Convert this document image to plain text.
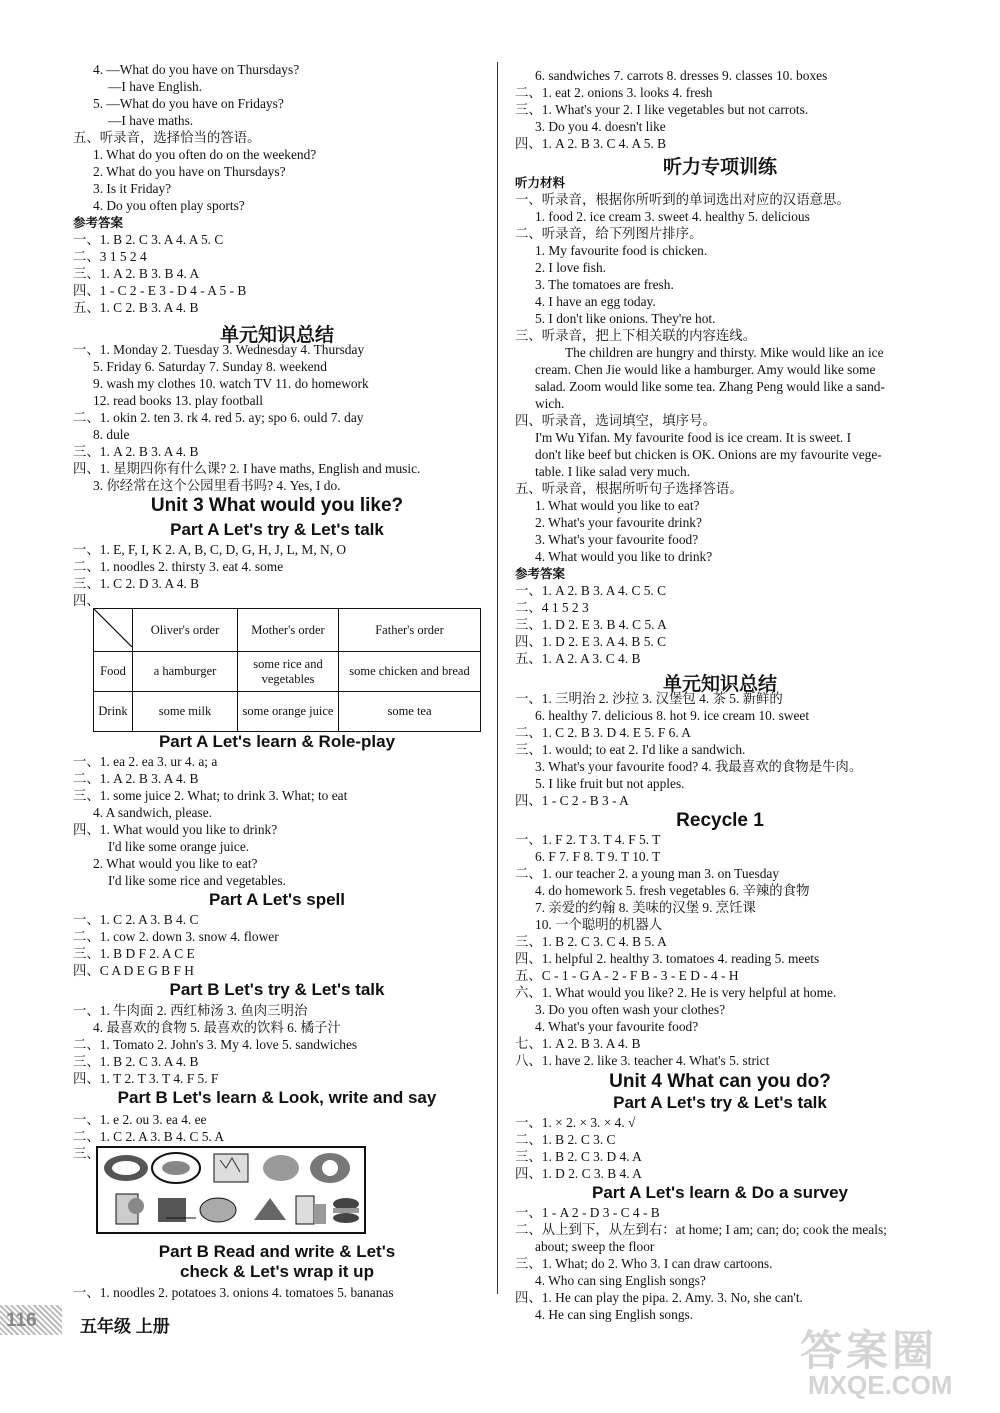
4. —What do you have on Thursdays?
—I have English.
5. —What do you have on Fridays?
—I have maths.
五、听录音，选择恰当的答语。
1. What do you often do on the weekend?
2. What do you have on Thursdays?
3. Is it Friday?
4. Do you often play sports?
参考答案
一、1. B 2. C 3. A 4. A 5. C
二、3 1 5 2 4
三、1. A 2. B 3. B 4. A
四、1 - C 2 - E 3 - D 4 - A 5 - B
五、1. C 2. B 3. A 4. B
一、1. Monday 2. Tuesday 3. Wednesday 4. Thursday
5. Friday 6. Saturday 7. Sunday 8. weekend
9. wash my clothes 10. watch TV 11. do homework
12. read books 13. play football
二、1. okin 2. ten 3. rk 4. red 5. ay; spo 6. ould 7. day
8. dule
三、1. A 2. B 3. A 4. B
四、1. 星期四你有什么课? 2. I have maths, English and music.
3. 你经常在这个公园里看书吗? 4. Yes, I do.
一、1. E, F, I, K 2. A, B, C, D, G, H, J, L, M, N, O
二、1. noodles 2. thirsty 3. eat 4. some
三、1. C 2. D 3. A 4. B
四、
一、1. ea 2. ea 3. ur 4. a; a
二、1. A 2. B 3. A 4. B
三、1. some juice 2. What; to drink 3. What; to eat
4. A sandwich, please.
四、1. What would you like to drink?
I'd like some orange juice.
2. What would you like to eat?
I'd like some rice and vegetables.
一、1. C 2. A 3. B 4. C
二、1. cow 2. down 3. snow 4. flower
三、1. B D F 2. A C E
四、C A D E G B F H
一、1. 牛肉面 2. 西红柿汤 3. 鱼肉三明治
4. 最喜欢的食物 5. 最喜欢的饮料 6. 橘子汁
二、1. Tomato 2. John's 3. My 4. love 5. sandwiches
三、1. B 2. C 3. A 4. B
四、1. T 2. T 3. T 4. F 5. F
一、1. e 2. ou 3. ea 4. ee
二、1. C 2. A 3. B 4. C 5. A
三、
一、1. noodles 2. potatoes 3. onions 4. tomatoes 5. bananas
单元知识总结
Unit 3 What would you like?
Part A Let's try & Let's talk
Part A Let's learn & Role-play
Part A Let's spell
Part B Let's try & Let's talk
Part B Let's learn & Look, write and say
Part B Read and write & Let's
check & Let's wrap it up
6. sandwiches 7. carrots 8. dresses 9. classes 10. boxes
二、1. eat 2. onions 3. looks 4. fresh
三、1. What's your 2. I like vegetables but not carrots.
3. Do you 4. doesn't like
四、1. A 2. B 3. C 4. A 5. B
听力材料
一、听录音，根据你所听到的单词选出对应的汉语意思。
1. food 2. ice cream 3. sweet 4. healthy 5. delicious
二、听录音，给下列图片排序。
1. My favourite food is chicken.
2. I love fish.
3. The tomatoes are fresh.
4. I have an egg today.
5. I don't like onions. They're hot.
三、听录音，把上下相关联的内容连线。
The children are hungry and thirsty. Mike would like an ice
cream. Chen Jie would like a hamburger. Amy would like some
salad. Zoom would like some tea. Zhang Peng would like a sand-
wich.
四、听录音，选词填空，填序号。
I'm Wu Yifan. My favourite food is ice cream. It is sweet. I
don't like beef but chicken is OK. Onions are my favourite vege-
table. I like salad very much.
五、听录音，根据所听句子选择答语。
1. What would you like to eat?
2. What's your favourite drink?
3. What's your favourite food?
4. What would you like to drink?
参考答案
一、1. A 2. B 3. A 4. C 5. C
二、4 1 5 2 3
三、1. D 2. E 3. B 4. C 5. A
四、1. D 2. E 3. A 4. B 5. C
五、1. A 2. A 3. C 4. B
一、1. 三明治 2. 沙拉 3. 汉堡包 4. 茶 5. 新鲜的
6. healthy 7. delicious 8. hot 9. ice cream 10. sweet
二、1. C 2. B 3. D 4. E 5. F 6. A
三、1. would; to eat 2. I'd like a sandwich.
3. What's your favourite food? 4. 我最喜欢的食物是牛肉。
5. I like fruit but not apples.
四、1 - C 2 - B 3 - A
一、1. F 2. T 3. T 4. F 5. T
6. F 7. F 8. T 9. T 10. T
二、1. our teacher 2. a young man 3. on Tuesday
4. do homework 5. fresh vegetables 6. 辛辣的食物
7. 亲爱的约翰 8. 美味的汉堡 9. 烹饪课
10. 一个聪明的机器人
三、1. B 2. C 3. C 4. B 5. A
四、1. helpful 2. healthy 3. tomatoes 4. reading 5. meets
五、C - 1 - G A - 2 - F B - 3 - E D - 4 - H
六、1. What would you like? 2. He is very helpful at home.
3. Do you often wash your clothes?
4. What's your favourite food?
七、1. A 2. B 3. A 4. B
八、1. have 2. like 3. teacher 4. What's 5. strict
一、1. × 2. × 3. × 4. √
二、1. B 2. C 3. C
三、1. B 2. C 3. D 4. A
四、1. D 2. C 3. B 4. A
一、1 - A 2 - D 3 - C 4 - B
二、从上到下，从左到右：at home; I am; can; do; cook the meals;
about; sweep the floor
三、1. What; do 2. Who 3. I can draw cartoons.
4. Who can sing English songs?
四、1. He can play the pipa. 2. Amy. 3. No, she can't.
4. He can sing English songs.
听力专项训练
单元知识总结
Recycle 1
Unit 4 What can you do?
Part A Let's try & Let's talk
Part A Let's learn & Do a survey
	Oliver's order	Mother's order	Father's order
Food	a hamburger	some rice and vegetables	some chicken and bread
Drink	some milk	some orange juice	some tea
116	五年级 上册
答案圈
MXQE.COM
